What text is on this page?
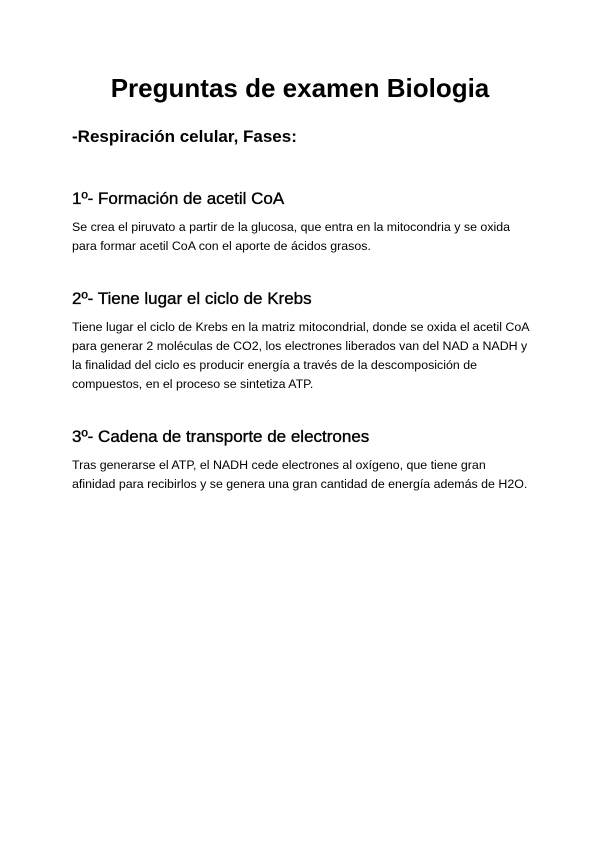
Preguntas de examen Biologia

-Respiración celular, Fases:

1º- Formación de acetil CoA

Se crea el piruvato a partir de la glucosa, que entra en la mitocondria y se oxida para formar acetil CoA con el aporte de ácidos grasos.

2º- Tiene lugar el ciclo de Krebs

Tiene lugar el ciclo de Krebs en la matriz mitocondrial, donde se oxida el acetil CoA para generar 2 moléculas de CO2, los electrones liberados van del NAD a NADH y la finalidad del ciclo es producir energía a través de la descomposición de compuestos, en el proceso se sintetiza ATP.

3º- Cadena de transporte de electrones

Tras generarse el ATP, el NADH cede electrones al oxígeno, que tiene gran afinidad para recibirlos y se genera una gran cantidad de energía además de H2O.
